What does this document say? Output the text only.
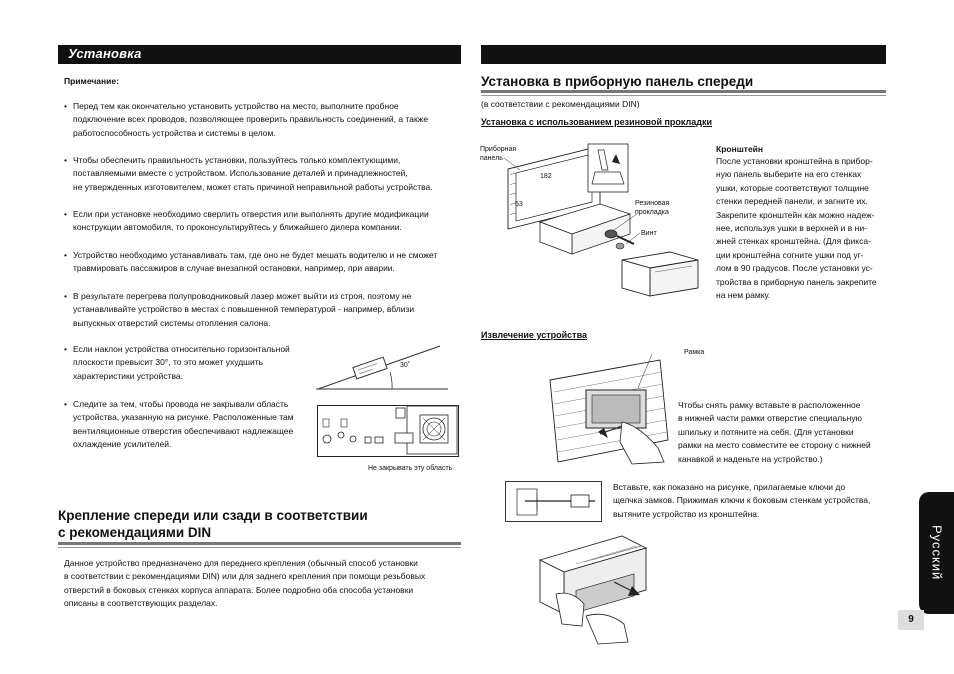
Установка
Примечание:
• Перед тем как окончательно установить устройство на место, выполните пробное
подключение всех проводов, позволяющее проверить правильность соединений, а также
работоспособность устройства и системы в целом.
• Чтобы обеспечить правильность установки, пользуйтесь только комплектующими,
поставляемыми вместе с устройством. Использование деталей и принадлежностей,
не утвержденных изготовителем, может стать причиной неправильной работы устройства.
• Если при установке необходимо сверлить отверстия или выполнять другие модификации
конструкции автомобиля, то проконсультируйтесь у ближайшего дилера компании.
• Устройство необходимо устанавливать там, где оно не будет мешать водителю и не сможет
травмировать пассажиров в случае внезапной остановки, например, при аварии.
• В результате перегрева полупроводниковый лазер может выйти из строя, поэтому не
устанавливайте устройство в местах с повышенной температурой - например, вблизи
выпускных отверстий системы отопления салона.
• Если наклон устройства относительно горизонтальной
плоскости превысит 30°, то это может ухудшить
характеристики устройства.
• Следите за тем, чтобы провода не закрывали область
устройства, указанную на рисунке. Расположенные там
вентиляционные отверстия обеспечивают надлежащее
охлаждение усилителей.
30˚
Не закрывать эту область
Крепление спереди или сзади в соответствии
с рекомендациями DIN
Данное устройство предназначено для переднего крепления (обычный способ установки
в соответствии с рекомендациями DIN) или для заднего крепления при помощи резьбовых
отверстий в боковых стенках корпуса аппарата. Более подробно оба способа установки
описаны в соответствующих разделах.
Установка в приборную панель спереди
(в соответствии с рекомендациями DIN)
Установка с использованием резиновой прокладки
Приборная
панель
182
53	Резиновая
прокладка
Винт
Кронштейн
После установки кронштейна в прибор-
ную панель выберите на его стенках
ушки, которые соответствуют толщине
стенки передней панели, и загните их.
Закрепите кронштейн как можно надеж-
нее, используя ушки в верхней и в ни-
жней стенках кронштейна. (Для фикса-
ции кронштейна согните ушки под уг-
лом в 90 градусов. После установки ус-
тройства в приборную панель закрепите
на нем рамку.
Извлечение устройства
Рамка
Чтобы снять рамку вставьте в расположенное
в нижней части рамки отверстие специальную
шпильку и потяните на себя. (Для установки
рамки на место совместите ее сторону с нижней
канавкой и наденьте на устройство.)
Вставьте, как показано на рисунке, прилагаемые ключи до
щелчка замков. Прижимая ключи к боковым стенкам устройства,
вытяните устройство из кронштейна.
Русский
9
